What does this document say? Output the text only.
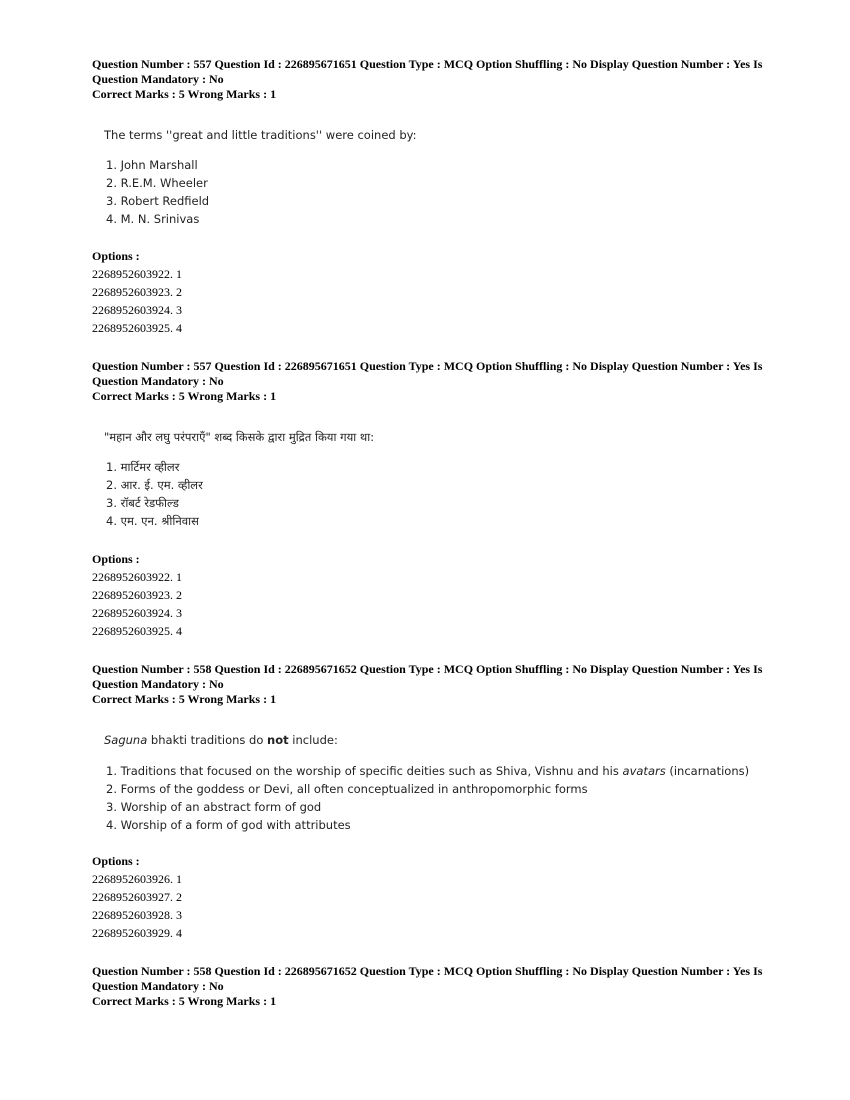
Question Number : 557 Question Id : 226895671651 Question Type : MCQ Option Shuffling : No Display Question Number : Yes Is
Question Mandatory : No
Correct Marks : 5 Wrong Marks : 1
The terms ''great and little traditions'' were coined by:
1. John Marshall
2. R.E.M. Wheeler
3. Robert Redfield
4. M. N. Srinivas
Options :
2268952603922. 1
2268952603923. 2
2268952603924. 3
2268952603925. 4
Question Number : 557 Question Id : 226895671651 Question Type : MCQ Option Shuffling : No Display Question Number : Yes Is
Question Mandatory : No
Correct Marks : 5 Wrong Marks : 1
"महान और लघु परंपराएँ" शब्द किसके द्वारा मुद्रित किया गया था:
1. मार्टिमर व्हीलर
2. आर. ई. एम. व्हीलर
3. रॉबर्ट रेडफील्ड
4. एम. एन. श्रीनिवास
Options :
2268952603922. 1
2268952603923. 2
2268952603924. 3
2268952603925. 4
Question Number : 558 Question Id : 226895671652 Question Type : MCQ Option Shuffling : No Display Question Number : Yes Is
Question Mandatory : No
Correct Marks : 5 Wrong Marks : 1
Saguna bhakti traditions do not include:
1. Traditions that focused on the worship of specific deities such as Shiva, Vishnu and his avatars (incarnations)
2. Forms of the goddess or Devi, all often conceptualized in anthropomorphic forms
3. Worship of an abstract form of god
4. Worship of a form of god with attributes
Options :
2268952603926. 1
2268952603927. 2
2268952603928. 3
2268952603929. 4
Question Number : 558 Question Id : 226895671652 Question Type : MCQ Option Shuffling : No Display Question Number : Yes Is
Question Mandatory : No
Correct Marks : 5 Wrong Marks : 1
